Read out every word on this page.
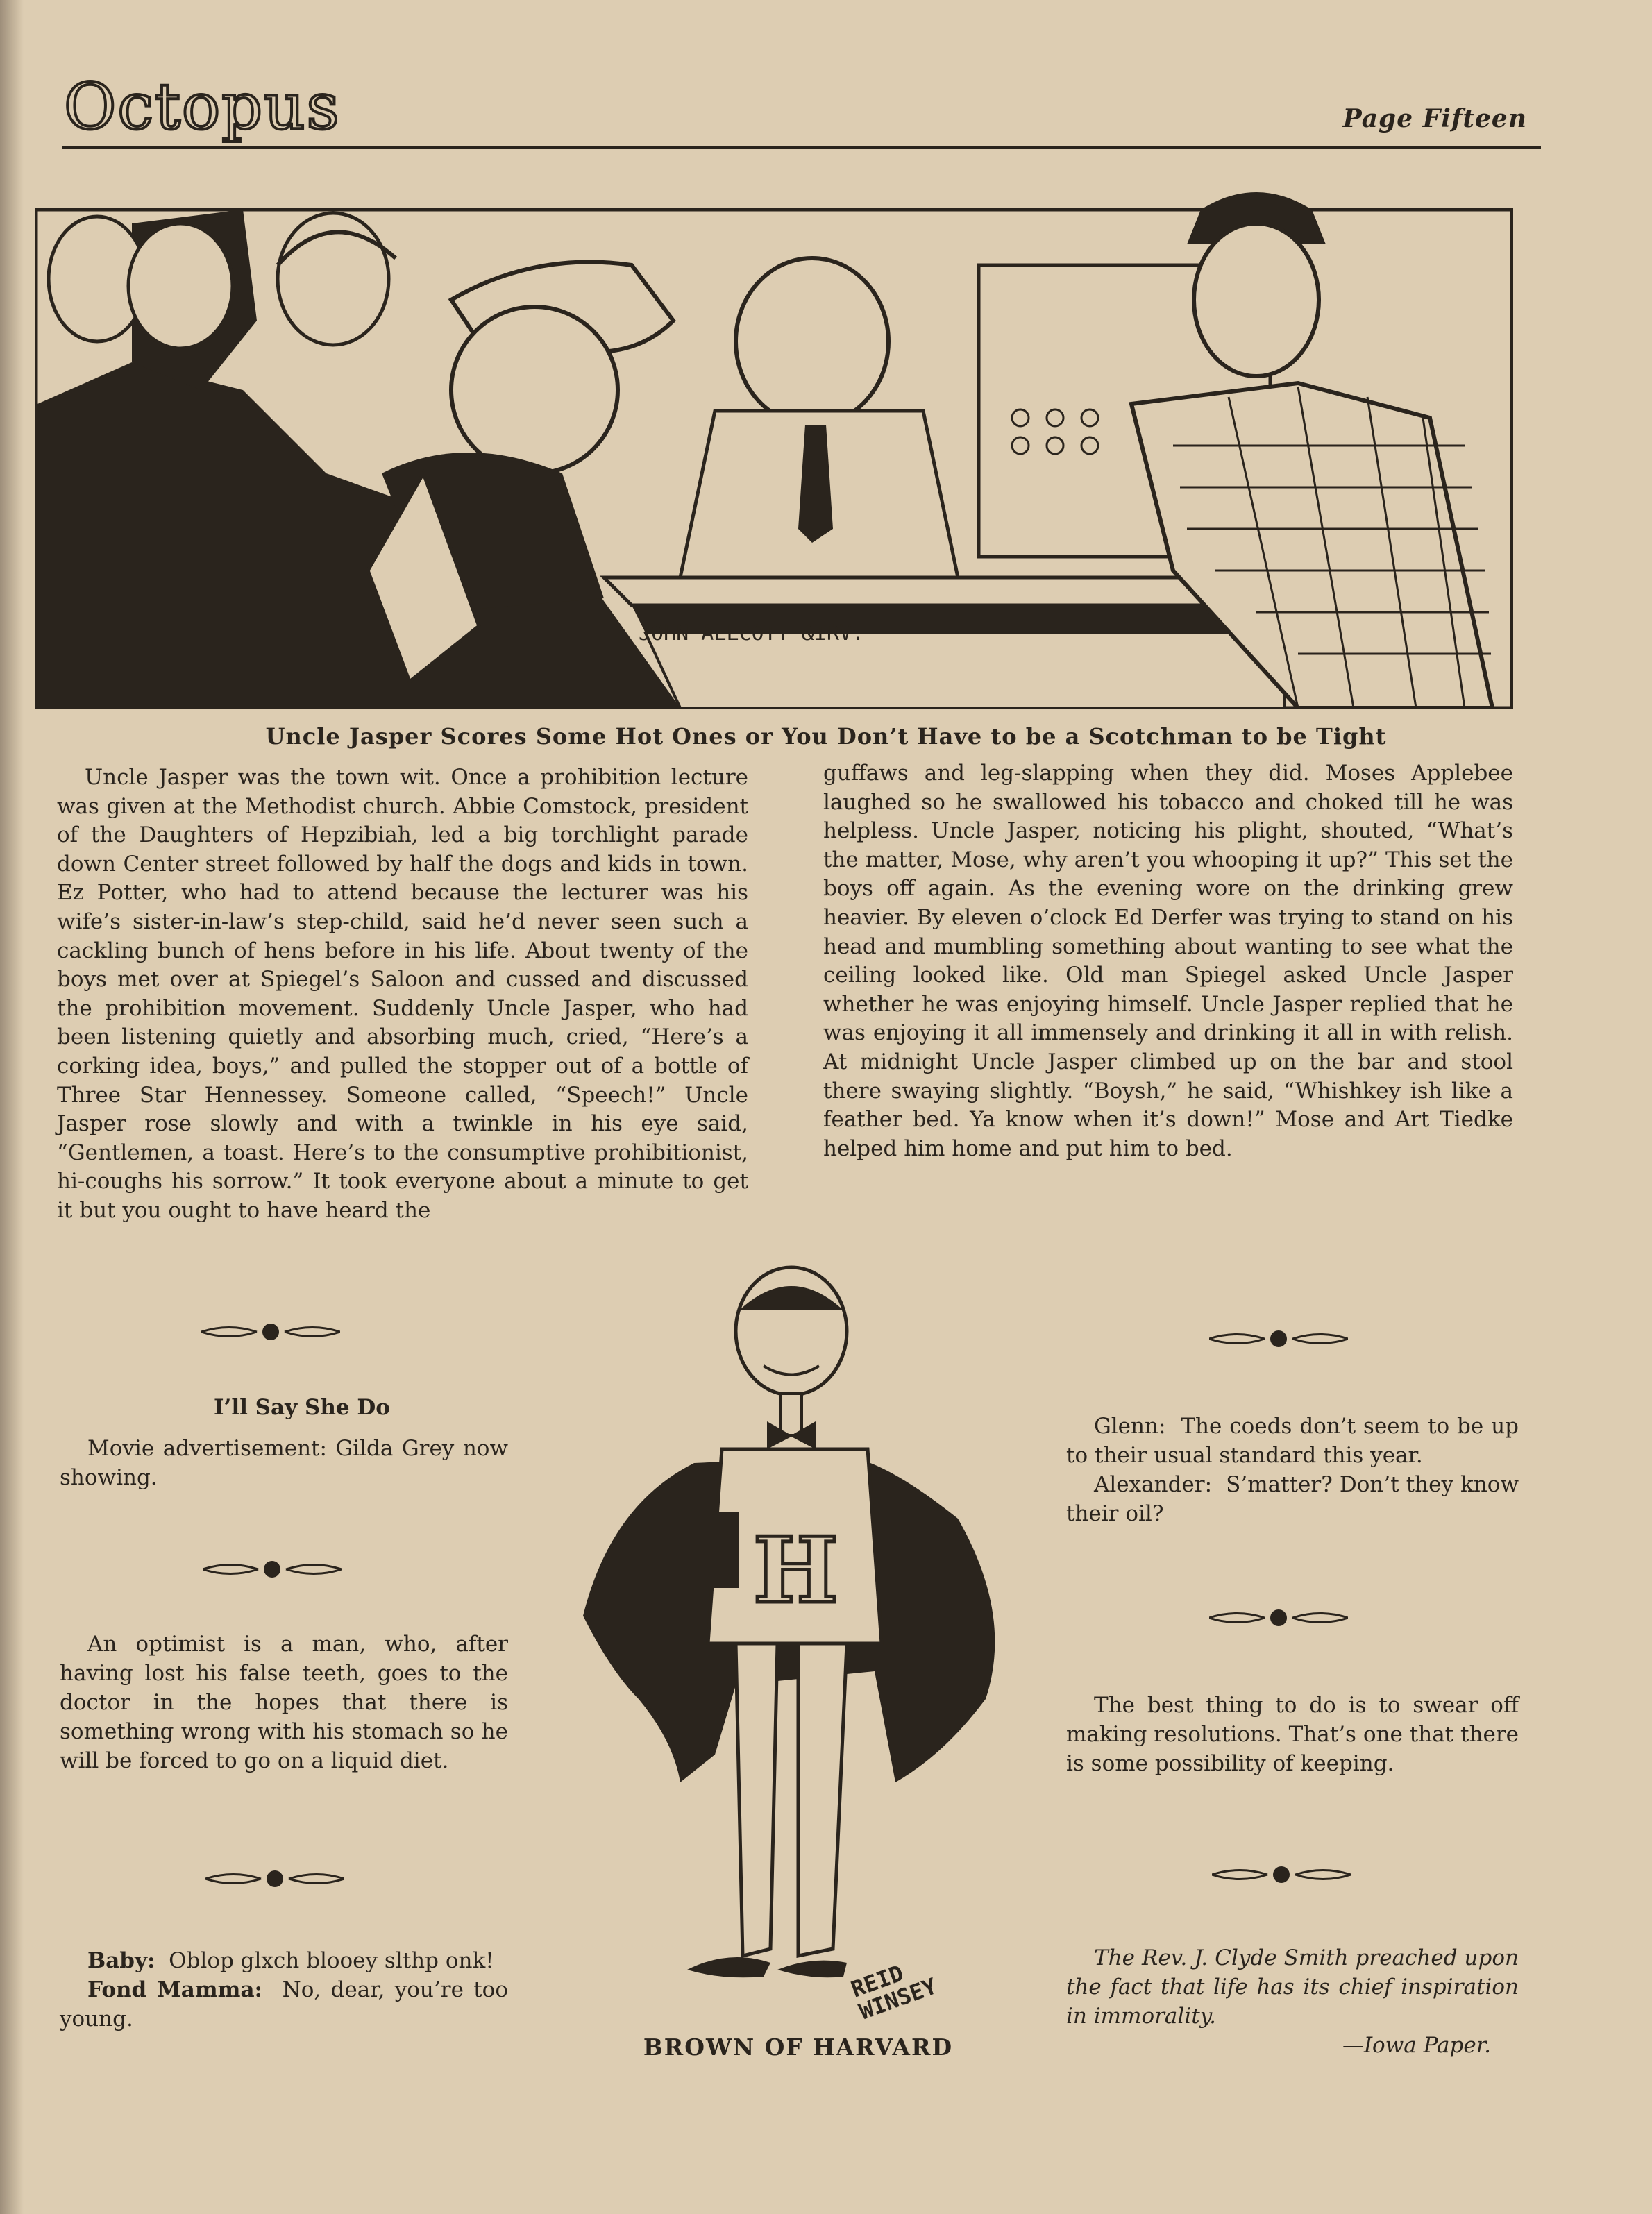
Octopus	Page Fifteen
JOHN ALLCOTT &IRV.
Uncle Jasper Scores Some Hot Ones or You Don’t Have to be a Scotchman to be Tight
Uncle Jasper was the town wit. Once a prohibition lecture was given at the Methodist church. Abbie Comstock, president of the Daughters of Hepzibiah, led a big torchlight parade down Center street followed by half the dogs and kids in town. Ez Potter, who had to attend because the lecturer was his wife’s sister-in-law’s step-child, said he’d never seen such a cackling bunch of hens before in his life. About twenty of the boys met over at Spiegel’s Saloon and cussed and discussed the prohibition movement. Suddenly Uncle Jasper, who had been listening quietly and absorbing much, cried, “Here’s a corking idea, boys,” and pulled the stopper out of a bottle of Three Star Hennessey. Someone called, “Speech!” Uncle Jasper rose slowly and with a twinkle in his eye said, “Gentlemen, a toast. Here’s to the consumptive prohibitionist, hi-coughs his sorrow.” It took everyone about a minute to get it but you ought to have heard the
guffaws and leg-slapping when they did. Moses Applebee laughed so he swallowed his tobacco and choked till he was helpless. Uncle Jasper, noticing his plight, shouted, “What’s the matter, Mose, why aren’t you whooping it up?” This set the boys off again. As the evening wore on the drinking grew heavier. By eleven o’clock Ed Derfer was trying to stand on his head and mumbling something about wanting to see what the ceiling looked like. Old man Spiegel asked Uncle Jasper whether he was enjoying himself. Uncle Jasper replied that he was enjoying it all immensely and drinking it all in with relish. At midnight Uncle Jasper climbed up on the bar and stool there swaying slightly. “Boysh,” he said, “Whishkey ish like a feather bed. Ya know when it’s down!” Mose and Art Tiedke helped him home and put him to bed.
I’ll Say She Do
Movie advertisement: Gilda Grey now showing.
An optimist is a man, who, after having lost his false teeth, goes to the doctor in the hopes that there is something wrong with his stomach so he will be forced to go on a liquid diet.
Baby: Oblop glxch blooey slthp onk!
Fond Mamma: No, dear, you’re too young.
H
REID
WINSEY
BROWN OF HARVARD
Glenn: The coeds don’t seem to be up to their usual standard this year.
Alexander: S’matter? Don’t they know their oil?
The best thing to do is to swear off making resolutions. That’s one that there is some possibility of keeping.
The Rev. J. Clyde Smith preached upon the fact that life has its chief inspiration in immorality.
—Iowa Paper.
